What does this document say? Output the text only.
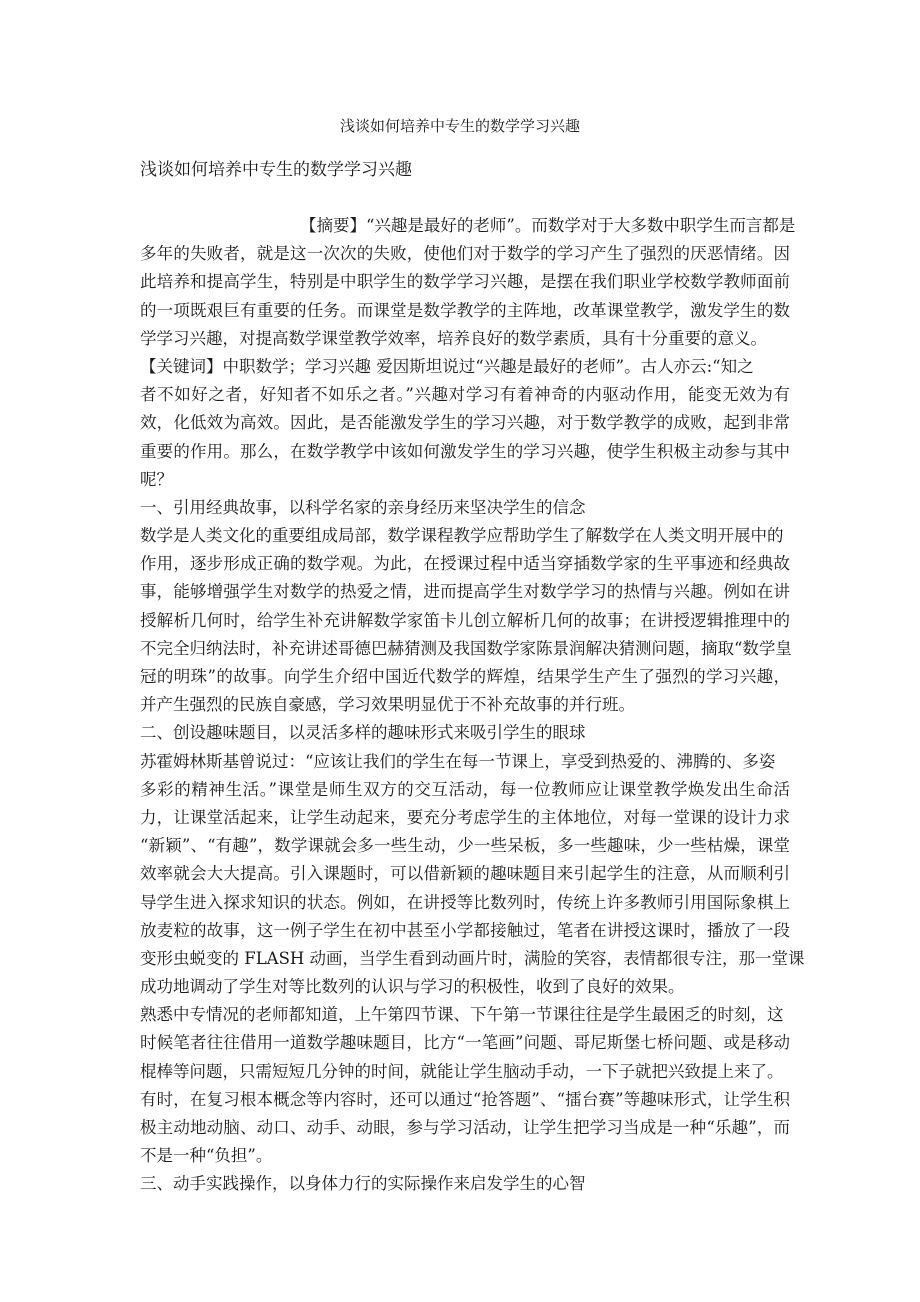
浅谈如何培养中专生的数学学习兴趣
浅谈如何培养中专生的数学学习兴趣
【摘要】“兴趣是最好的老师”。而数学对于大多数中职学生而言都是
多年的失败者，就是这一次次的失败，使他们对于数学的学习产生了强烈的厌恶情绪。因
此培养和提高学生，特别是中职学生的数学学习兴趣，是摆在我们职业学校数学教师面前
的一项既艰巨有重要的任务。而课堂是数学教学的主阵地，改革课堂教学，激发学生的数
学学习兴趣，对提高数学课堂教学效率，培养良好的数学素质，具有十分重要的意义。
【关键词】中职数学；学习兴趣 爱因斯坦说过“兴趣是最好的老师”。古人亦云:“知之
者不如好之者，好知者不如乐之者。”兴趣对学习有着神奇的内驱动作用，能变无效为有
效，化低效为高效。因此，是否能激发学生的学习兴趣，对于数学教学的成败，起到非常
重要的作用。那么，在数学教学中该如何激发学生的学习兴趣，使学生积极主动参与其中
呢？
一、引用经典故事，以科学名家的亲身经历来坚决学生的信念
数学是人类文化的重要组成局部，数学课程教学应帮助学生了解数学在人类文明开展中的
作用，逐步形成正确的数学观。为此，在授课过程中适当穿插数学家的生平事迹和经典故
事，能够增强学生对数学的热爱之情，进而提高学生对数学学习的热情与兴趣。例如在讲
授解析几何时，给学生补充讲解数学家笛卡儿创立解析几何的故事；在讲授逻辑推理中的
不完全归纳法时，补充讲述哥德巴赫猜测及我国数学家陈景润解决猜测问题，摘取“数学皇
冠的明珠”的故事。向学生介绍中国近代数学的辉煌，结果学生产生了强烈的学习兴趣，
并产生强烈的民族自豪感，学习效果明显优于不补充故事的并行班。
二、创设趣味题目，以灵活多样的趣味形式来吸引学生的眼球
苏霍姆林斯基曾说过：“应该让我们的学生在每一节课上，享受到热爱的、沸腾的、多姿
多彩的精神生活。”课堂是师生双方的交互活动，每一位教师应让课堂教学焕发出生命活
力，让课堂活起来，让学生动起来，要充分考虑学生的主体地位，对每一堂课的设计力求
“新颖”、“有趣”，数学课就会多一些生动，少一些呆板，多一些趣味，少一些枯燥，课堂
效率就会大大提高。引入课题时，可以借新颖的趣味题目来引起学生的注意，从而顺利引
导学生进入探求知识的状态。例如，在讲授等比数列时，传统上许多教师引用国际象棋上
放麦粒的故事，这一例子学生在初中甚至小学都接触过，笔者在讲授这课时，播放了一段
变形虫蜕变的 FLASH 动画，当学生看到动画片时，满脸的笑容，表情都很专注，那一堂课
成功地调动了学生对等比数列的认识与学习的积极性，收到了良好的效果。
熟悉中专情况的老师都知道，上午第四节课、下午第一节课往往是学生最困乏的时刻，这
时候笔者往往借用一道数学趣味题目，比方“一笔画”问题、哥尼斯堡七桥问题、或是移动
棍棒等问题，只需短短几分钟的时间，就能让学生脑动手动，一下子就把兴致提上来了。
有时，在复习根本概念等内容时，还可以通过“抢答题”、“擂台赛”等趣味形式，让学生积
极主动地动脑、动口、动手、动眼，参与学习活动，让学生把学习当成是一种“乐趣”，而
不是一种“负担”。
三、动手实践操作，以身体力行的实际操作来启发学生的心智
